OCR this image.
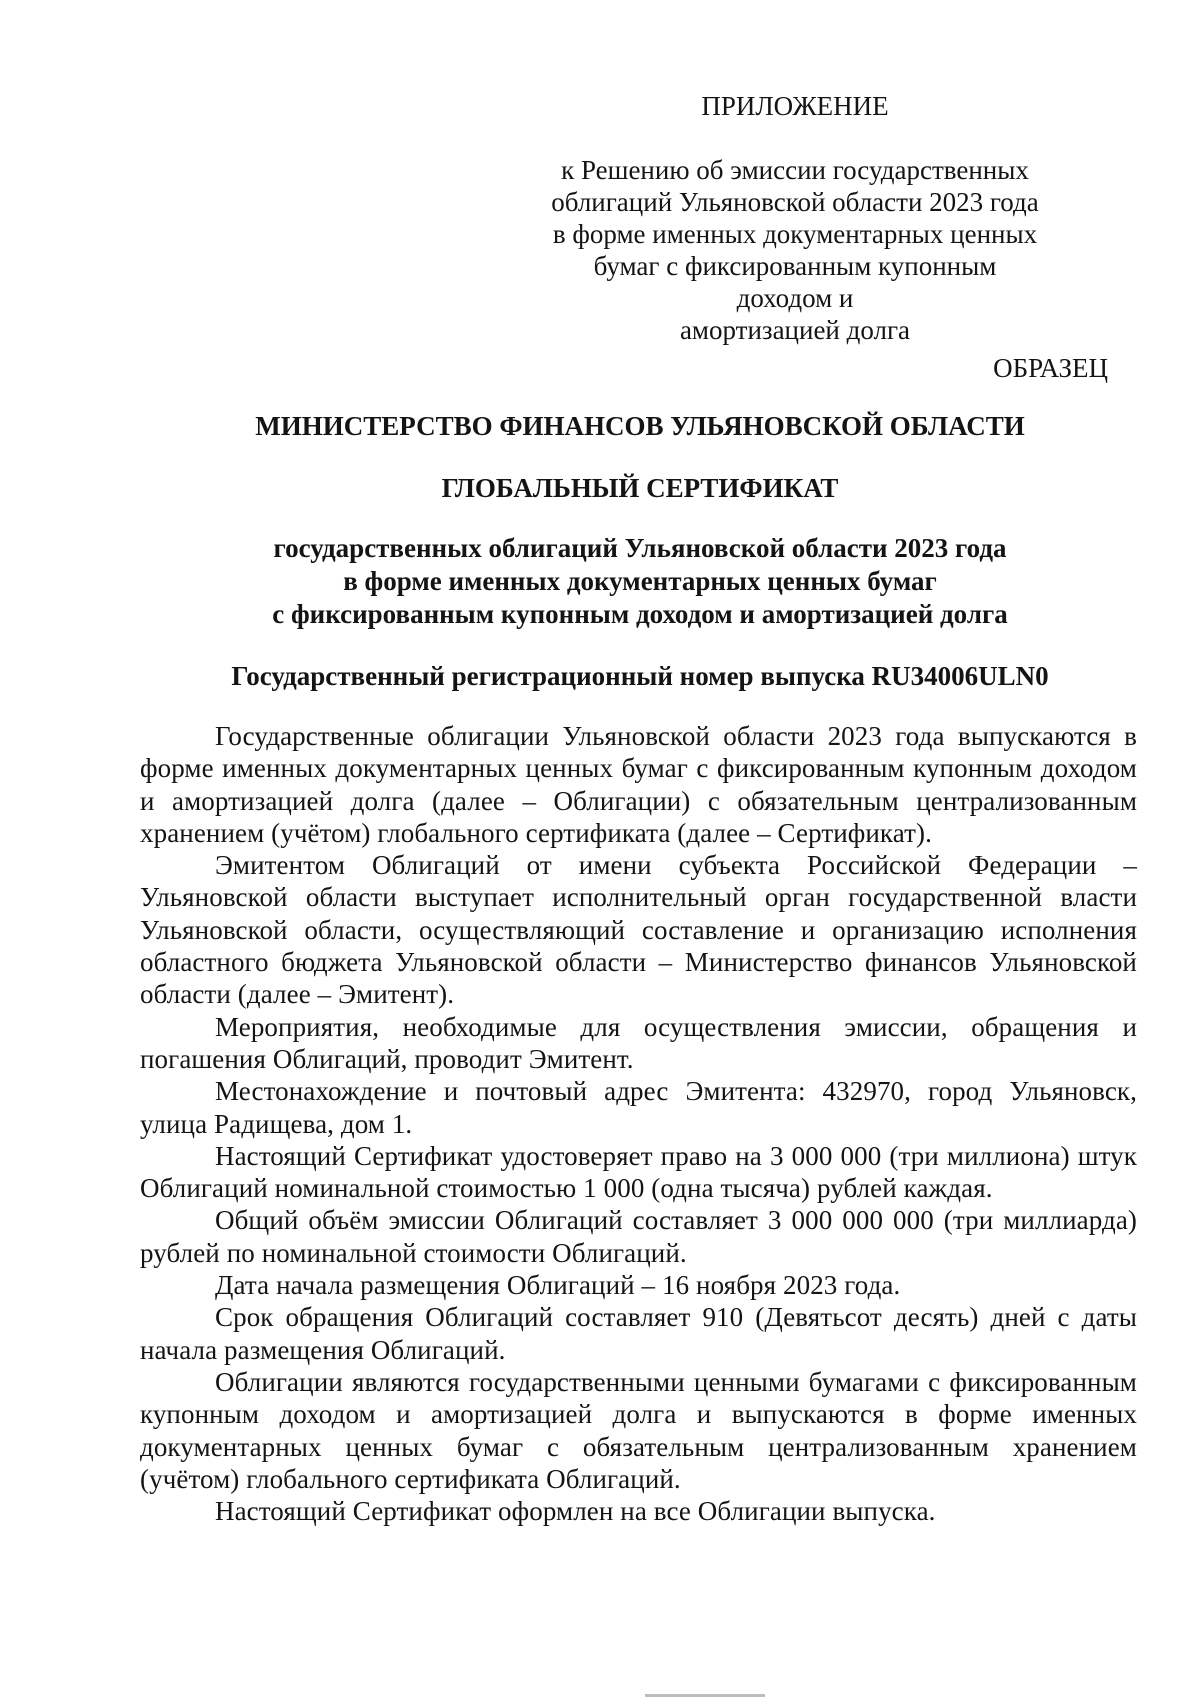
ПРИЛОЖЕНИЕ
к Решению об эмиссии государственных
облигаций Ульяновской области 2023 года
в форме именных документарных ценных
бумаг с фиксированным купонным доходом и
амортизацией долга
ОБРАЗЕЦ
МИНИСТЕРСТВО ФИНАНСОВ УЛЬЯНОВСКОЙ ОБЛАСТИ
ГЛОБАЛЬНЫЙ СЕРТИФИКАТ
государственных облигаций Ульяновской области 2023 года
в форме именных документарных ценных бумаг
с фиксированным купонным доходом и амортизацией долга
Государственный регистрационный номер выпуска RU34006ULN0

Государственные облигации Ульяновской области 2023 года выпускаются в форме именных документарных ценных бумаг с фиксированным купонным доходом и амортизацией долга (далее – Облигации) с обязательным централизованным хранением (учётом) глобального сертификата (далее – Сертификат).

Эмитентом Облигаций от имени субъекта Российской Федерации – Ульяновской области выступает исполнительный орган государственной власти Ульяновской области, осуществляющий составление и организацию исполнения областного бюджета Ульяновской области – Министерство финансов Ульяновской области (далее – Эмитент).

Мероприятия, необходимые для осуществления эмиссии, обращения и погашения Облигаций, проводит Эмитент.

Местонахождение и почтовый адрес Эмитента: 432970, город Ульяновск, улица Радищева, дом 1.

Настоящий Сертификат удостоверяет право на 3 000 000 (три миллиона) штук Облигаций номинальной стоимостью 1 000 (одна тысяча) рублей каждая.

Общий объём эмиссии Облигаций составляет 3 000 000 000 (три миллиарда) рублей по номинальной стоимости Облигаций.

Дата начала размещения Облигаций – 16 ноября 2023 года.

Срок обращения Облигаций составляет 910 (Девятьсот десять) дней с даты начала размещения Облигаций.

Облигации являются государственными ценными бумагами с фиксированным купонным доходом и амортизацией долга и выпускаются в форме именных документарных ценных бумаг с обязательным централизованным хранением (учётом) глобального сертификата Облигаций.

Настоящий Сертификат оформлен на все Облигации выпуска.
